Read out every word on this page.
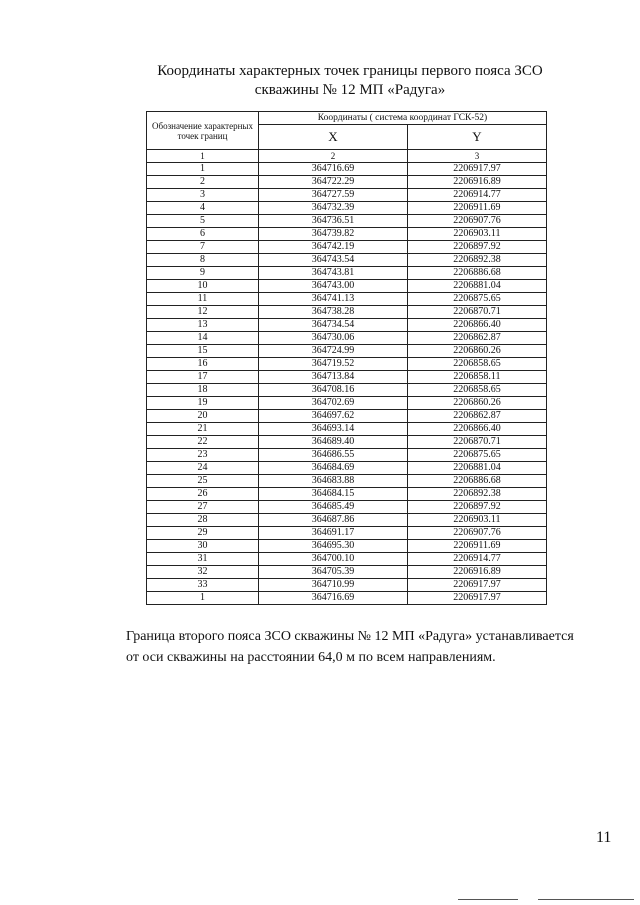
Координаты характерных точек границы первого пояса ЗСО
скважины № 12 МП «Радуга»
Обозначение характерных точек границ	Координаты ( система координат ГСК-52)	
	X	Y
1	2	3
1	364716.69	2206917.97
2	364722.29	2206916.89
3	364727.59	2206914.77
4	364732.39	2206911.69
5	364736.51	2206907.76
6	364739.82	2206903.11
7	364742.19	2206897.92
8	364743.54	2206892.38
9	364743.81	2206886.68
10	364743.00	2206881.04
11	364741.13	2206875.65
12	364738.28	2206870.71
13	364734.54	2206866.40
14	364730.06	2206862.87
15	364724.99	2206860.26
16	364719.52	2206858.65
17	364713.84	2206858.11
18	364708.16	2206858.65
19	364702.69	2206860.26
20	364697.62	2206862.87
21	364693.14	2206866.40
22	364689.40	2206870.71
23	364686.55	2206875.65
24	364684.69	2206881.04
25	364683.88	2206886.68
26	364684.15	2206892.38
27	364685.49	2206897.92
28	364687.86	2206903.11
29	364691.17	2206907.76
30	364695.30	2206911.69
31	364700.10	2206914.77
32	364705.39	2206916.89
33	364710.99	2206917.97
1	364716.69	2206917.97
Граница второго пояса ЗСО скважины № 12 МП «Радуга» устанавливается
от оси скважины на расстоянии 64,0 м по всем направлениям.
11
